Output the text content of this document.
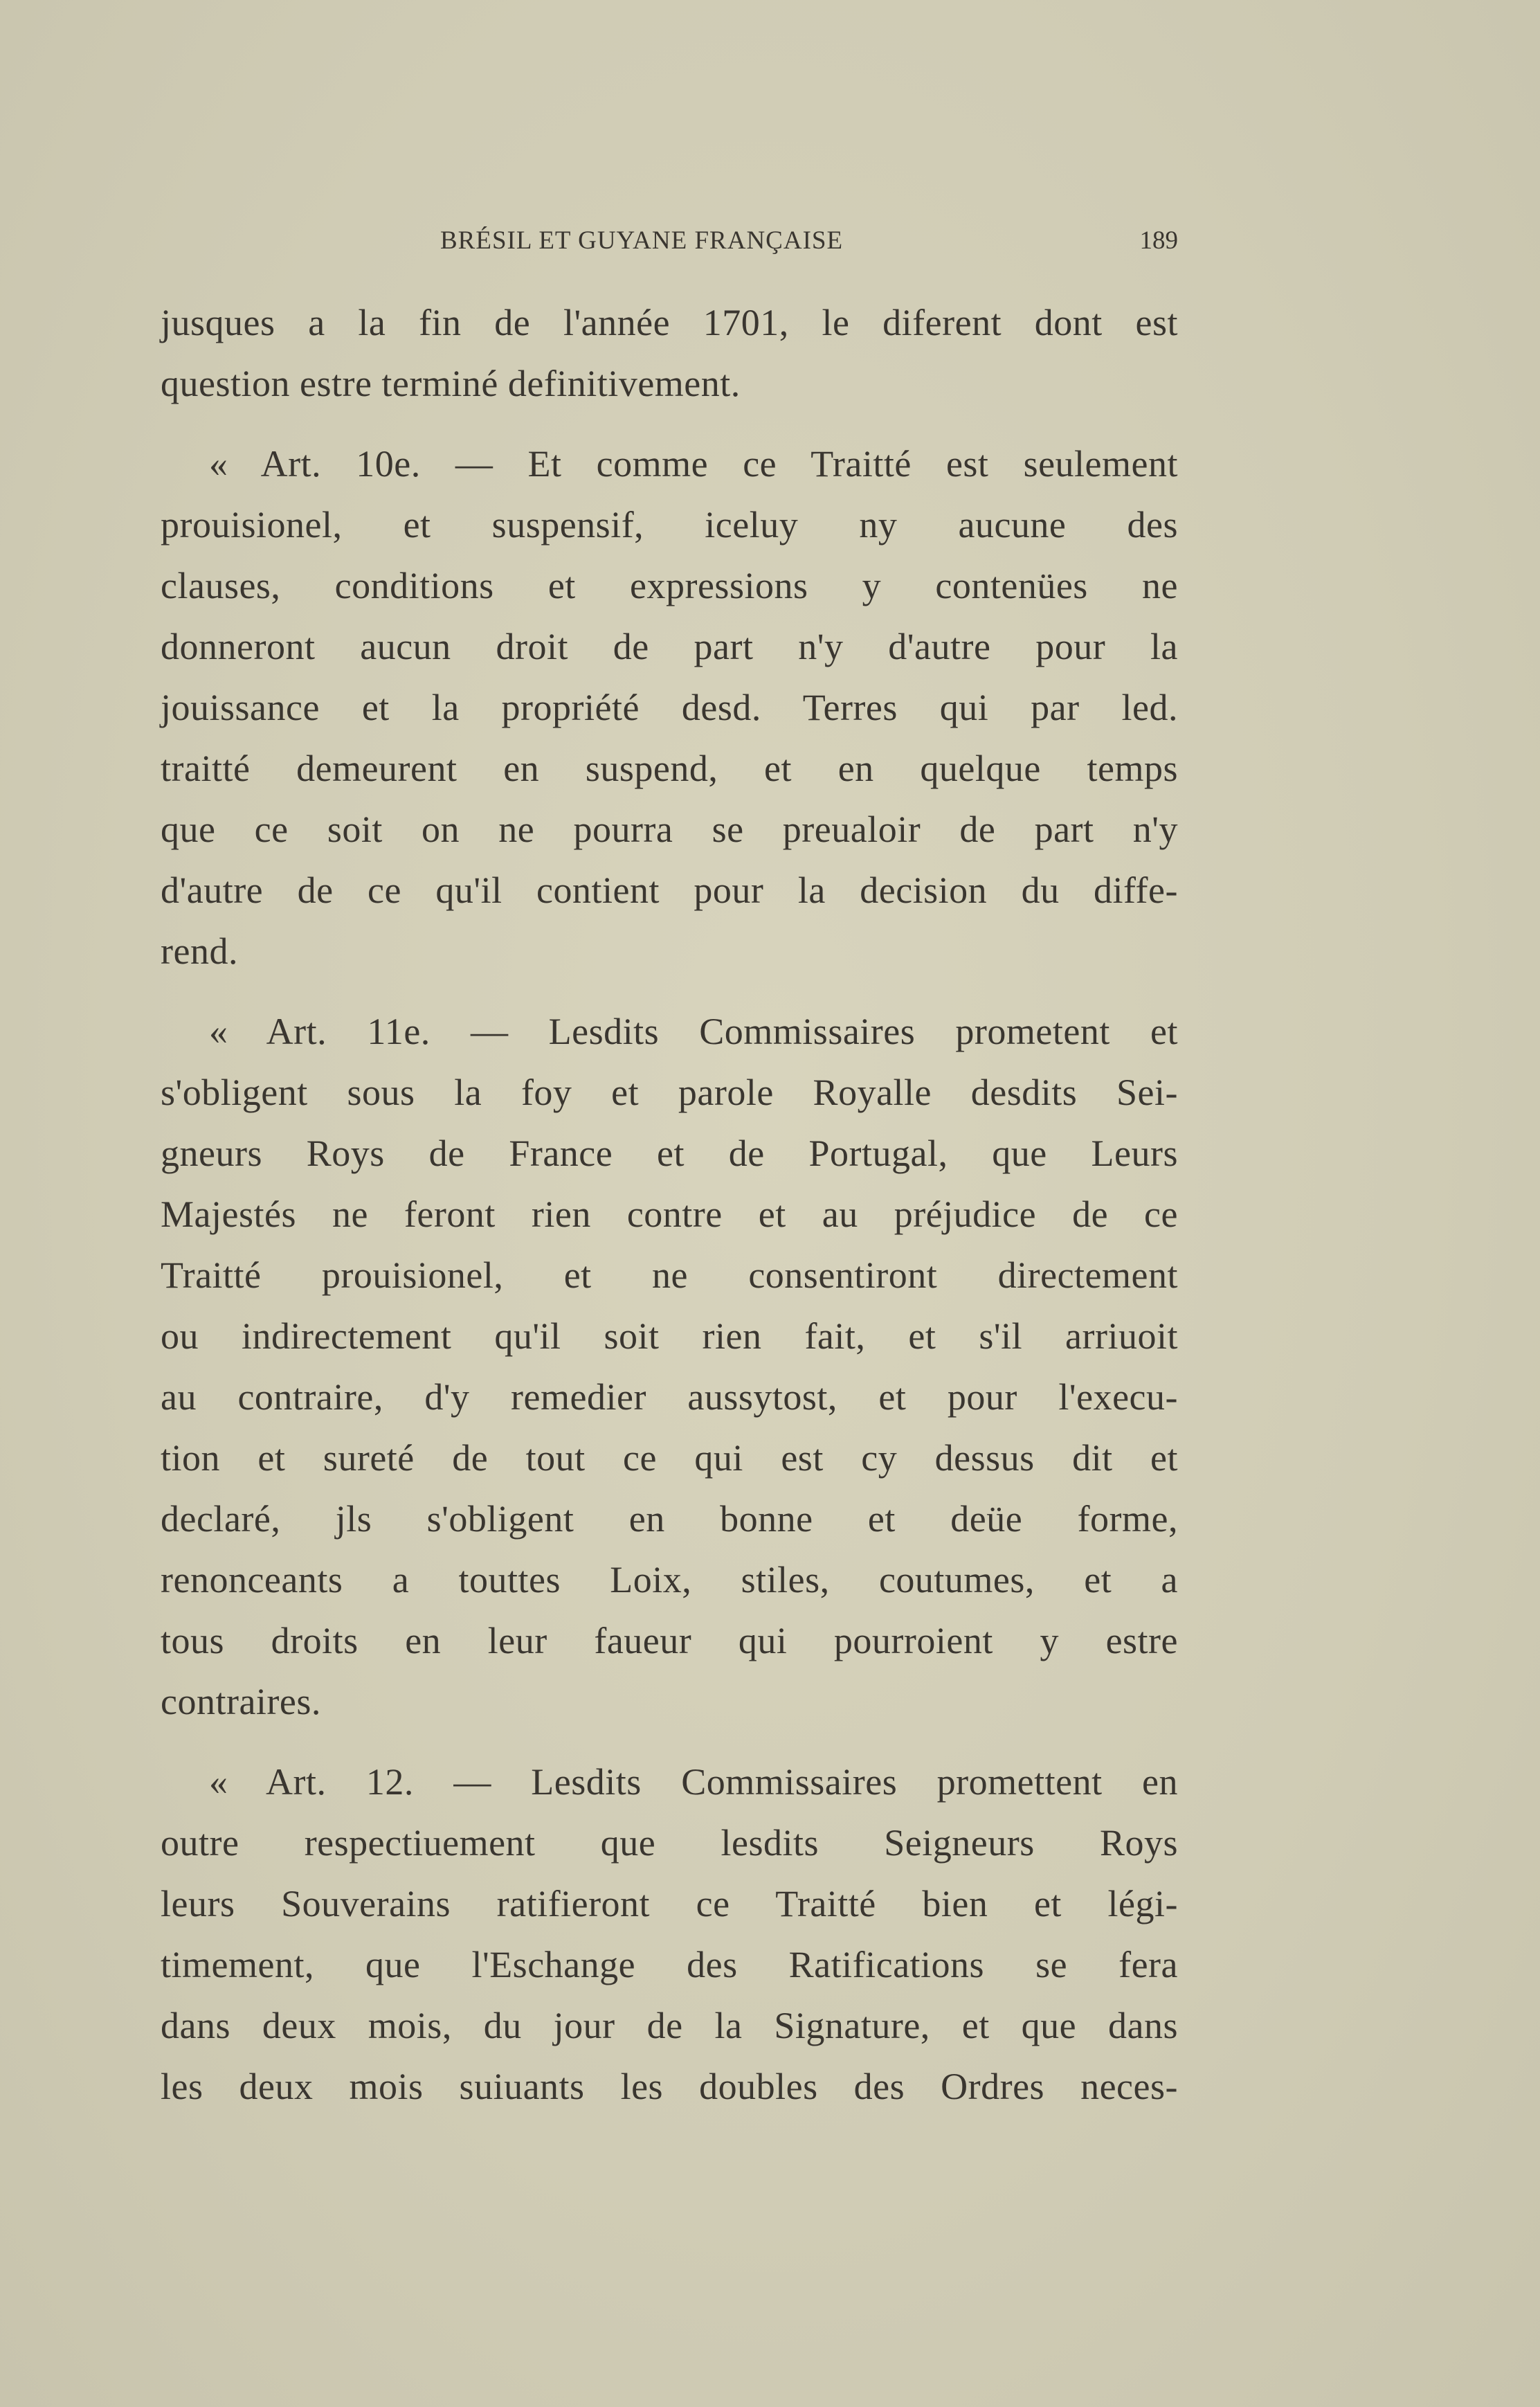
BRÉSIL ET GUYANE FRANÇAISE	189
jusques a la fin de l'année 1701, le diferent dont est
question estre terminé definitivement.
« Art. 10e. — Et comme ce Traitté est seulement
prouisionel, et suspensif, iceluy ny aucune des
clauses, conditions et expressions y contenües ne
donneront aucun droit de part n'y d'autre pour la
jouissance et la propriété desd. Terres qui par led.
traitté demeurent en suspend, et en quelque temps
que ce soit on ne pourra se preualoir de part n'y
d'autre de ce qu'il contient pour la decision du diffe-
rend.
« Art. 11e. — Lesdits Commissaires prometent et
s'obligent sous la foy et parole Royalle desdits Sei-
gneurs Roys de France et de Portugal, que Leurs
Majestés ne feront rien contre et au préjudice de ce
Traitté prouisionel, et ne consentiront directement
ou indirectement qu'il soit rien fait, et s'il arriuoit
au contraire, d'y remedier aussytost, et pour l'execu-
tion et sureté de tout ce qui est cy dessus dit et
declaré, jls s'obligent en bonne et deüe forme,
renonceants a touttes Loix, stiles, coutumes, et a
tous droits en leur faueur qui pourroient y estre
contraires.
« Art. 12. — Lesdits Commissaires promettent en
outre respectiuement que lesdits Seigneurs Roys
leurs Souverains ratifieront ce Traitté bien et légi-
timement, que l'Eschange des Ratifications se fera
dans deux mois, du jour de la Signature, et que dans
les deux mois suiuants les doubles des Ordres neces-
